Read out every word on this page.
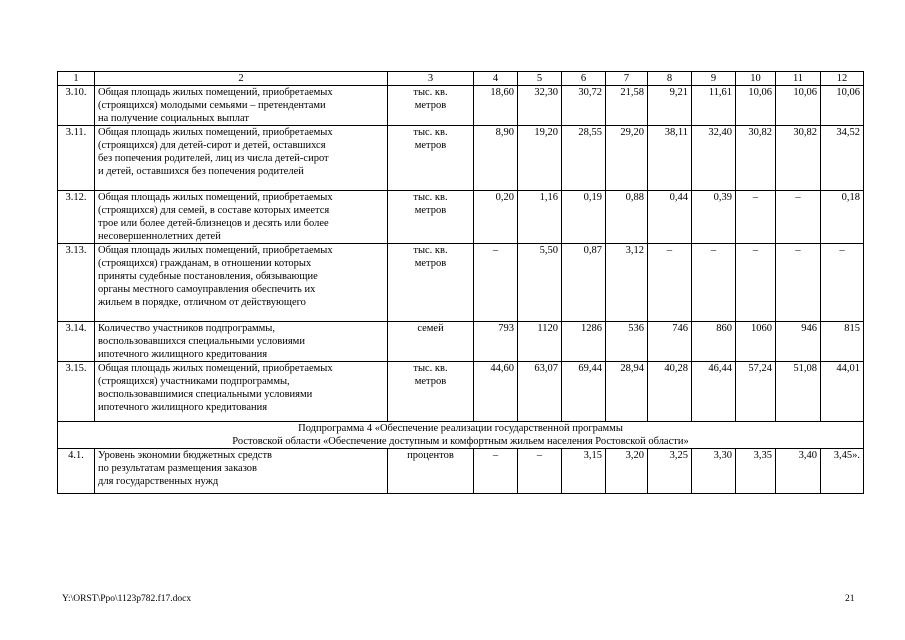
1	2	3	4	5	6	7	8	9	10	11	12
3.10.	Общая площадь жилых помещений, приобретаемых
(строящихся) молодыми семьями – претендентами
на получение социальных выплат	тыс. кв.
метров	18,60	32,30	30,72	21,58	9,21	11,61	10,06	10,06	10,06
3.11.	Общая площадь жилых помещений, приобретаемых
(строящихся) для детей-сирот и детей, оставшихся
без попечения родителей, лиц из числа детей-сирот
и детей, оставшихся без попечения родителей	тыс. кв.
метров	8,90	19,20	28,55	29,20	38,11	32,40	30,82	30,82	34,52
3.12.	Общая площадь жилых помещений, приобретаемых
(строящихся) для семей, в составе которых имеется
трое или более детей-близнецов и десять или более
несовершеннолетних детей	тыс. кв.
метров	0,20	1,16	0,19	0,88	0,44	0,39	–	–	0,18
3.13.	Общая площадь жилых помещений, приобретаемых
(строящихся) гражданам, в отношении которых
приняты судебные постановления, обязывающие
органы местного самоуправления обеспечить их
жильем в порядке, отличном от действующего	тыс. кв.
метров	–	5,50	0,87	3,12	–	–	–	–	–
3.14.	Количество участников подпрограммы,
воспользовавшихся специальными условиями
ипотечного жилищного кредитования	семей	793	1120	1286	536	746	860	1060	946	815
3.15.	Общая площадь жилых помещений, приобретаемых
(строящихся) участниками подпрограммы,
воспользовавшимися специальными условиями
ипотечного жилищного кредитования	тыс. кв.
метров	44,60	63,07	69,44	28,94	40,28	46,44	57,24	51,08	44,01

Подпрограмма 4 «Обеспечение реализации государственной программы
Ростовской области «Обеспечение доступным и комфортным жильем населения Ростовской области»											

4.1.	Уровень экономии бюджетных средств
по результатам размещения заказов
для государственных нужд	процентов	–	–	3,15	3,20	3,25	3,30	3,35	3,40	3,45».
Y:\ORST\Ppo\1123p782.f17.docx	21
